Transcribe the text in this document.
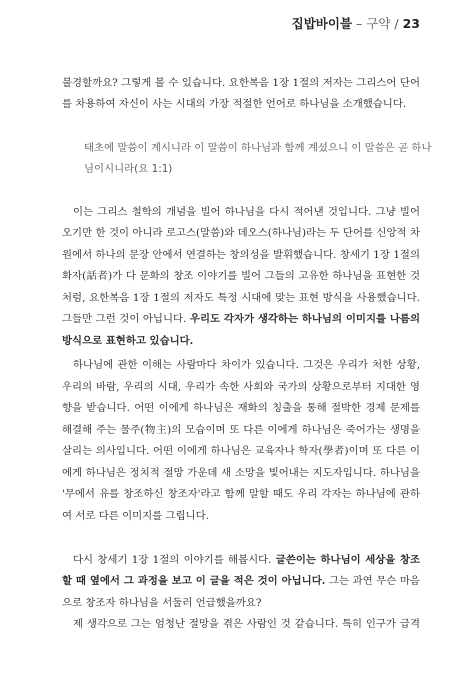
집밥바이블 – 구약 / 23
불경할까요? 그렇게 볼 수 있습니다. 요한복음 1장 1절의 저자는 그리스어 단어
를 차용하여 자신이 사는 시대의 가장 적절한 언어로 하나님을 소개했습니다.
태초에 말씀이 계시니라 이 말씀이 하나님과 함께 계셨으니 이 말씀은 곧 하나
님이시니라(요 1:1)
이는 그리스 철학의 개념을 빌어 하나님을 다시 적어낸 것입니다. 그냥 빌어
오기만 한 것이 아니라 로고스(말씀)와 데오스(하나님)라는 두 단어를 신앙적 차
원에서 하나의 문장 안에서 연결하는 창의성을 발휘했습니다. 창세기 1장 1절의
화자(話者)가 다 문화의 창조 이야기를 빌어 그들의 고유한 하나님을 표현한 것
처럼, 요한복음 1장 1절의 저자도 특정 시대에 맞는 표현 방식을 사용했습니다.
그들만 그런 것이 아닙니다. 우리도 각자가 생각하는 하나님의 이미지를 나름의
방식으로 표현하고 있습니다.
하나님에 관한 이해는 사람마다 차이가 있습니다. 그것은 우리가 처한 상황,
우리의 바람, 우리의 시대, 우리가 속한 사회와 국가의 상황으로부터 지대한 영
향을 받습니다. 어떤 이에게 하나님은 재화의 칭출을 통해 절박한 경제 문제를
해결해 주는 물주(物主)의 모습이며 또 다른 이에게 하나님은 죽어가는 생명을
살리는 의사입니다. 어떤 이에게 하나님은 교육자나 학자(學者)이며 또 다른 이
에게 하나님은 정치적 절망 가운데 새 소망을 빛어내는 지도자입니다. 하나님을
'무에서 유를 창조하신 창조자'라고 함께 말할 때도 우리 각자는 하나님에 관하
여 서로 다른 이미지를 그립니다.
다시 창세기 1장 1절의 이야기를 해봅시다. 글쓴이는 하나님이 세상을 창조
할 때 옆에서 그 과정을 보고 이 글을 적은 것이 아닙니다. 그는 과연 무슨 마음
으로 창조자 하나님을 서둘러 언급했을까요?
제 생각으로 그는 엄청난 절망을 겪은 사람인 것 같습니다. 특히 인구가 급격
